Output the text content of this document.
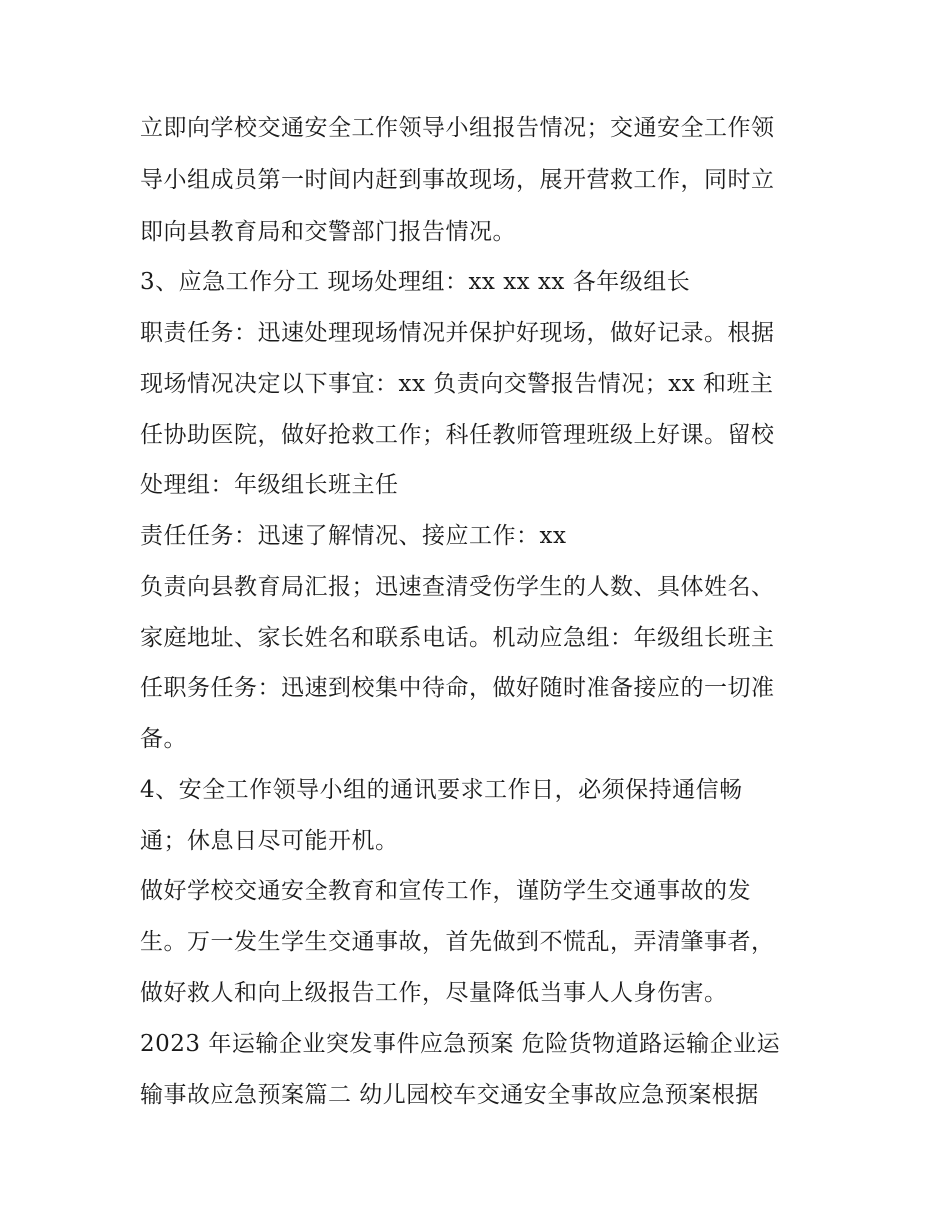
立即向学校交通安全工作领导小组报告情况；交通安全工作领
导小组成员第一时间内赶到事故现场，展开营救工作，同时立
即向县教育局和交警部门报告情况。
3、应急工作分工 现场处理组：xx xx xx 各年级组长
职责任务：迅速处理现场情况并保护好现场，做好记录。根据
现场情况决定以下事宜：xx 负责向交警报告情况；xx 和班主
任协助医院，做好抢救工作；科任教师管理班级上好课。留校
处理组：年级组长班主任
责任任务：迅速了解情况、接应工作：xx
负责向县教育局汇报；迅速查清受伤学生的人数、具体姓名、
家庭地址、家长姓名和联系电话。机动应急组：年级组长班主
任职务任务：迅速到校集中待命，做好随时准备接应的一切准
备。
4、安全工作领导小组的通讯要求工作日，必须保持通信畅
通；休息日尽可能开机。
做好学校交通安全教育和宣传工作，谨防学生交通事故的发
生。万一发生学生交通事故，首先做到不慌乱，弄清肇事者，
做好救人和向上级报告工作，尽量降低当事人人身伤害。
2023 年运输企业突发事件应急预案 危险货物道路运输企业运
输事故应急预案篇二 幼儿园校车交通安全事故应急预案根据
